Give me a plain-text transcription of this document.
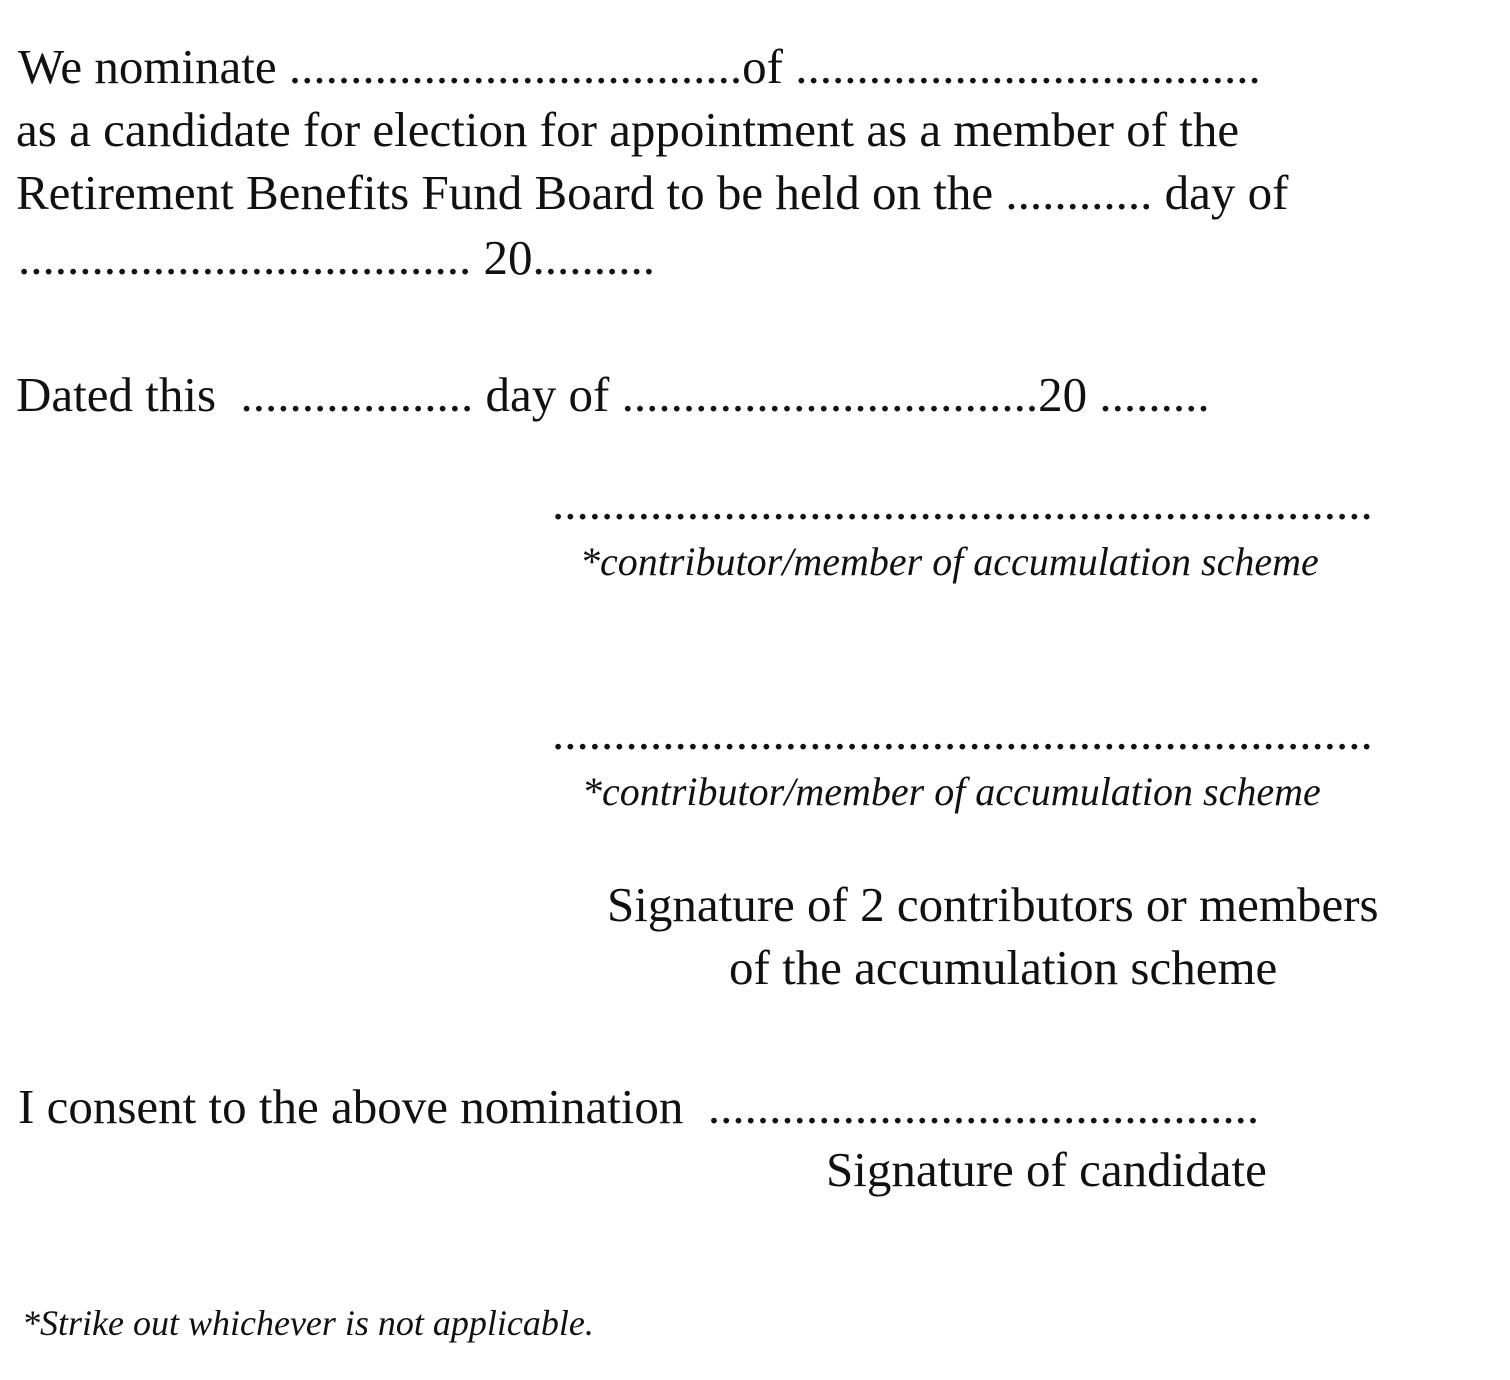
We nominate .....................................of ......................................
as a candidate for election for appointment as a member of the
Retirement Benefits Fund Board to be held on the ............ day of
..................................... 20..........
Dated this  ................... day of ..................................20 .........
...................................................................
*contributor/member of accumulation scheme
...................................................................
*contributor/member of accumulation scheme
Signature of 2 contributors or members
of the accumulation scheme
I consent to the above nomination  .............................................
Signature of candidate
*Strike out whichever is not applicable.
